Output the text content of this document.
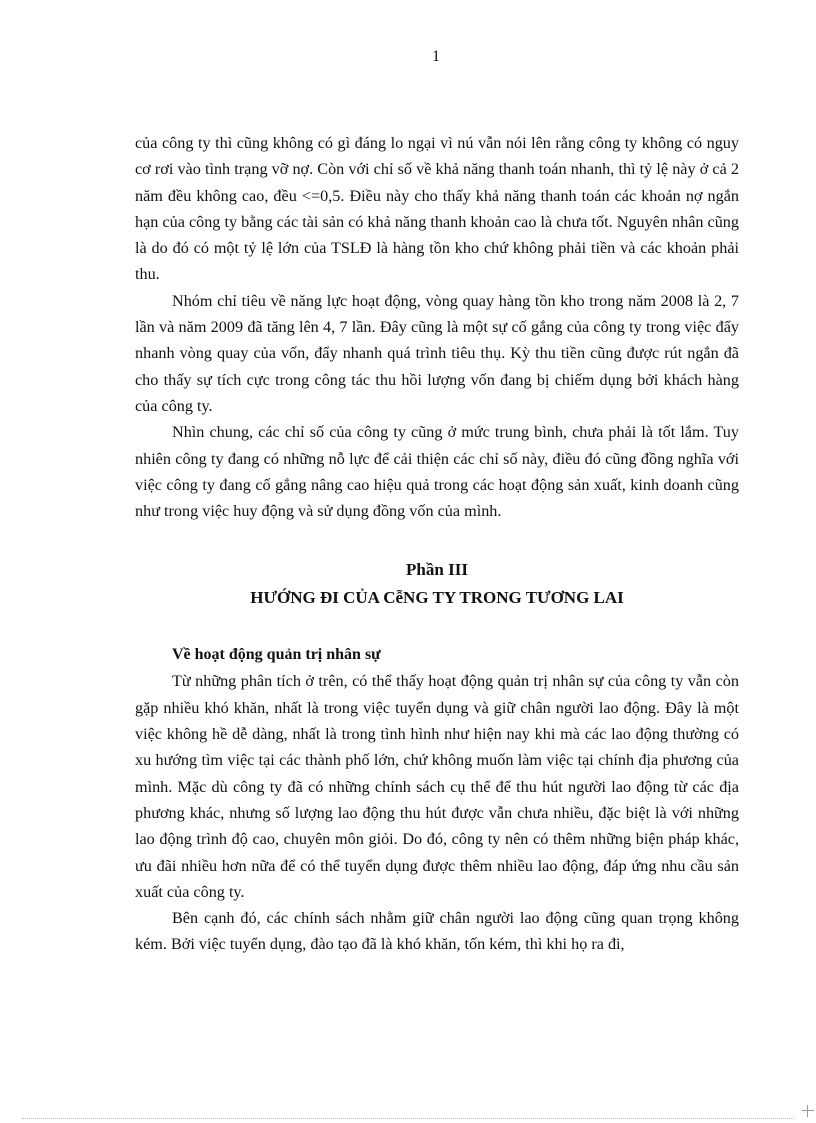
1

của công ty thì cũng không có gì đáng lo ngại vì nú vẫn nói lên rằng công ty không có nguy cơ rơi vào tình trạng vỡ nợ. Còn với chỉ số về khả năng thanh toán nhanh, thì tỷ lệ này ở cả 2 năm đều không cao, đều <=0,5. Điều này cho thấy khả năng thanh toán các khoản nợ ngắn hạn của công ty bằng các tài sản có khả năng thanh khoản cao là chưa tốt. Nguyên nhân cũng là do đó có một tỷ lệ lớn của TSLĐ là hàng tồn kho chứ không phải tiền và các khoản phải thu.

Nhóm chỉ tiêu về năng lực hoạt động, vòng quay hàng tồn kho trong năm 2008 là 2, 7 lần và năm 2009 đã tăng lên 4, 7 lần. Đây cũng là một sự cố gắng của công ty trong việc đẩy nhanh vòng quay của vốn, đẩy nhanh quá trình tiêu thụ. Kỳ thu tiền cũng được rút ngắn đã cho thấy sự tích cực trong công tác thu hồi lượng vốn đang bị chiếm dụng bởi khách hàng của công ty.

Nhìn chung, các chỉ số của công ty cũng ở mức trung bình, chưa phải là tốt lắm. Tuy nhiên công ty đang có những nỗ lực để cải thiện các chỉ số này, điều đó cũng đồng nghĩa với việc công ty đang cố gắng nâng cao hiệu quả trong các hoạt động sản xuất, kinh doanh cũng như trong việc huy động và sử dụng đồng vốn của mình.

Phần III
HƯỚNG ĐI CỦA CễNG TY TRONG TƯƠNG LAI
Về hoạt động quản trị nhân sự

Từ những phân tích ở trên, có thể thấy hoạt động quản trị nhân sự của công ty vẫn còn gặp nhiều khó khăn, nhất là trong việc tuyển dụng và giữ chân người lao động. Đây là một việc không hề dễ dàng, nhất là trong tình hình như hiện nay khi mà các lao động thường có xu hướng tìm việc tại các thành phố lớn, chứ không muốn làm việc tại chính địa phương của mình. Mặc dù công ty đã có những chính sách cụ thể để thu hút người lao động từ các địa phương khác, nhưng số lượng lao động thu hút được vẫn chưa nhiều, đặc biệt là với những lao động trình độ cao, chuyên môn giỏi. Do đó, công ty nên có thêm những biện pháp khác, ưu đãi nhiều hơn nữa để có thể tuyển dụng được thêm nhiều lao động, đáp ứng nhu cầu sản xuất của công ty.

Bên cạnh đó, các chính sách nhằm giữ chân người lao động cũng quan trọng không kém. Bởi việc tuyển dụng, đào tạo đã là khó khăn, tốn kém, thì khi họ ra đi,
